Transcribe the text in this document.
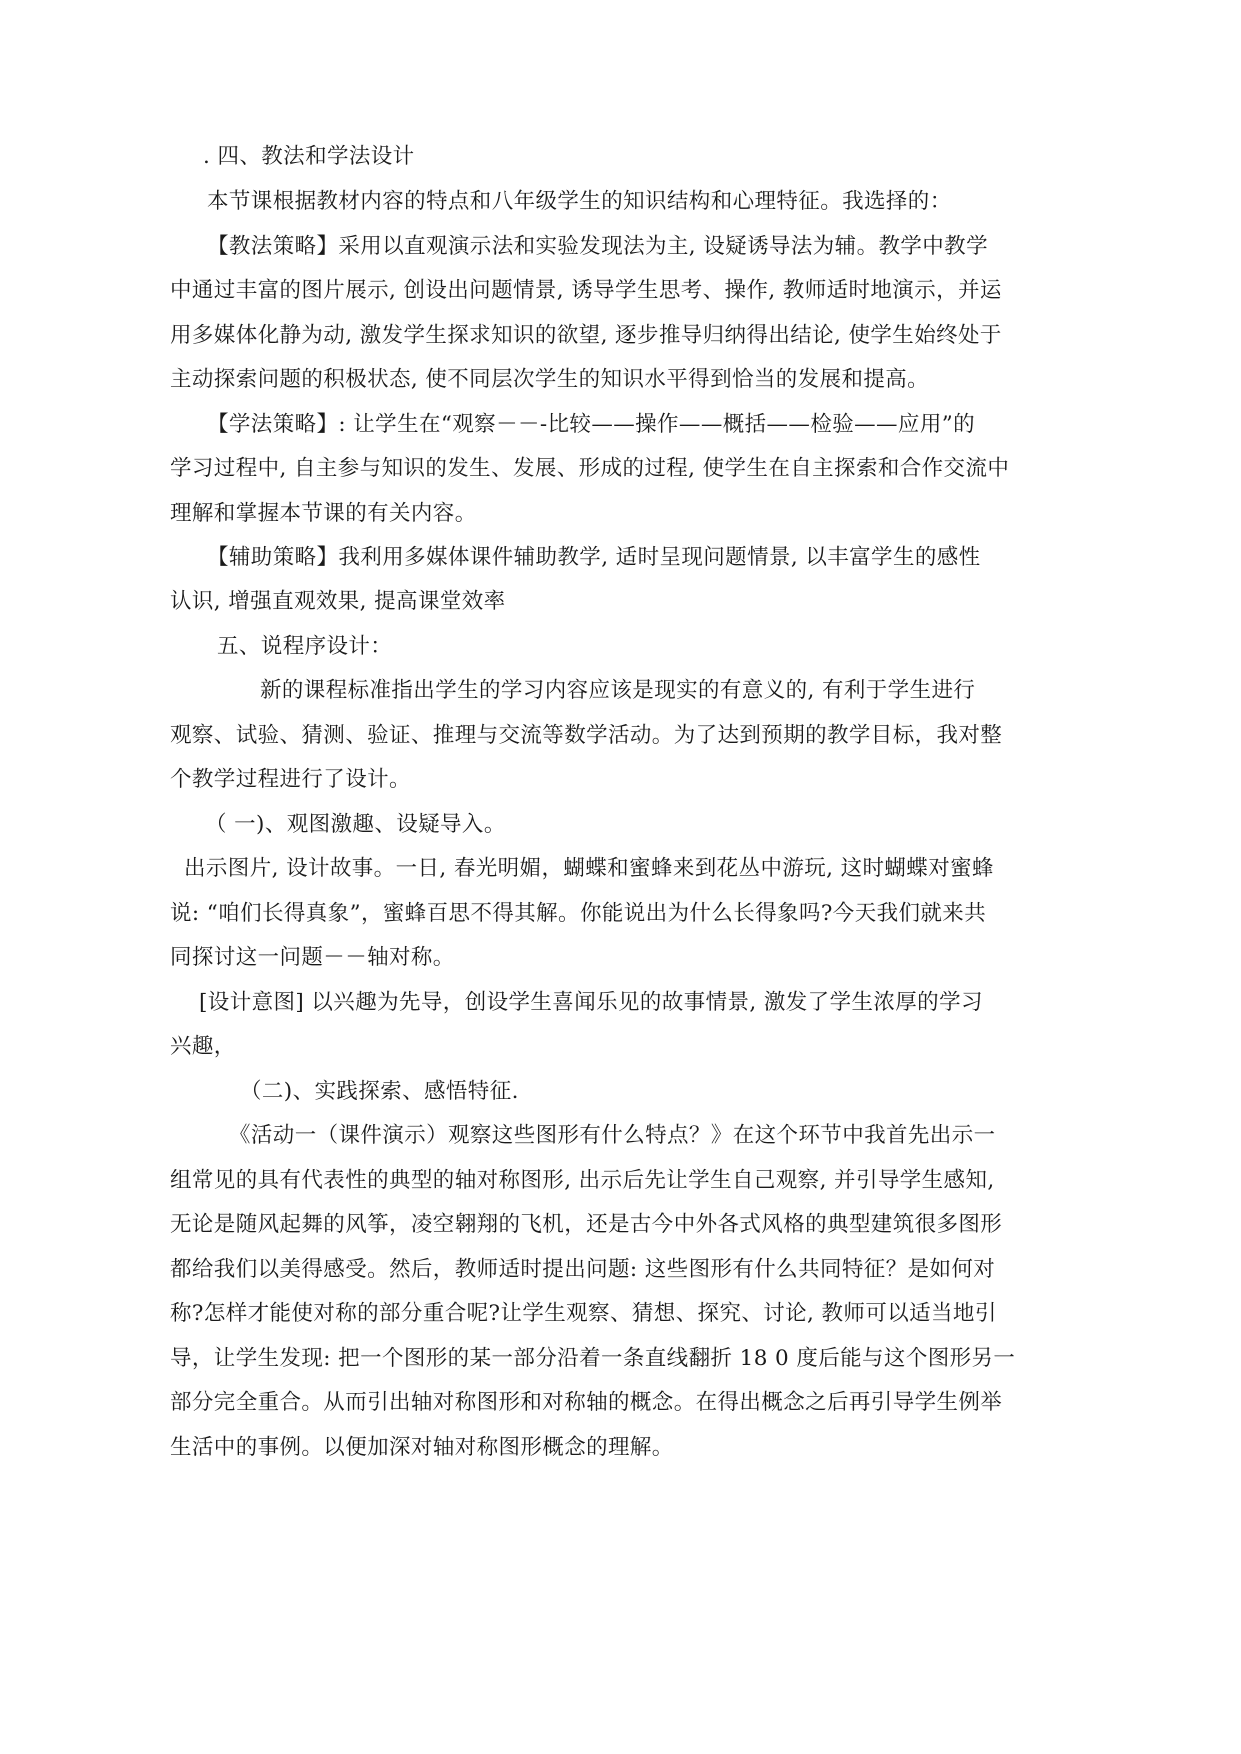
. 四、教法和学法设计
本节课根据教材内容的特点和八年级学生的知识结构和心理特征。我选择的：
【教法策略】采用以直观演示法和实验发现法为主, 设疑诱导法为辅。教学中教学
中通过丰富的图片展示, 创设出问题情景, 诱导学生思考、操作, 教师适时地演示，并运
用多媒体化静为动, 激发学生探求知识的欲望, 逐步推导归纳得出结论, 使学生始终处于
主动探索问题的积极状态, 使不同层次学生的知识水平得到恰当的发展和提高。
【学法策略】: 让学生在“观察－－-比较——操作——概括——检验——应用”的
学习过程中, 自主参与知识的发生、发展、形成的过程, 使学生在自主探索和合作交流中
理解和掌握本节课的有关内容。
【辅助策略】我利用多媒体课件辅助教学, 适时呈现问题情景, 以丰富学生的感性
认识, 增强直观效果, 提高课堂效率
五、说程序设计：
新的课程标准指出学生的学习内容应该是现实的有意义的, 有利于学生进行
观察、试验、猜测、验证、推理与交流等数学活动。为了达到预期的教学目标，我对整
个教学过程进行了设计。
（ 一)、观图激趣、设疑导入。
出示图片, 设计故事。一日, 春光明媚，蝴蝶和蜜蜂来到花丛中游玩, 这时蝴蝶对蜜蜂
说: “咱们长得真象”，蜜蜂百思不得其解。你能说出为什么长得象吗?今天我们就来共
同探讨这一问题－－轴对称。
[设计意图] 以兴趣为先导，创设学生喜闻乐见的故事情景, 激发了学生浓厚的学习
兴趣，
（二)、实践探索、感悟特征.
《活动一（课件演示）观察这些图形有什么特点？》在这个环节中我首先出示一
组常见的具有代表性的典型的轴对称图形, 出示后先让学生自己观察, 并引导学生感知,
无论是随风起舞的风筝，凌空翱翔的飞机，还是古今中外各式风格的典型建筑很多图形
都给我们以美得感受。然后，教师适时提出问题: 这些图形有什么共同特征？是如何对
称?怎样才能使对称的部分重合呢?让学生观察、猜想、探究、讨论, 教师可以适当地引
导，让学生发现: 把一个图形的某一部分沿着一条直线翻折 18 0 度后能与这个图形另一
部分完全重合。从而引出轴对称图形和对称轴的概念。在得出概念之后再引导学生例举
生活中的事例。以便加深对轴对称图形概念的理解。
